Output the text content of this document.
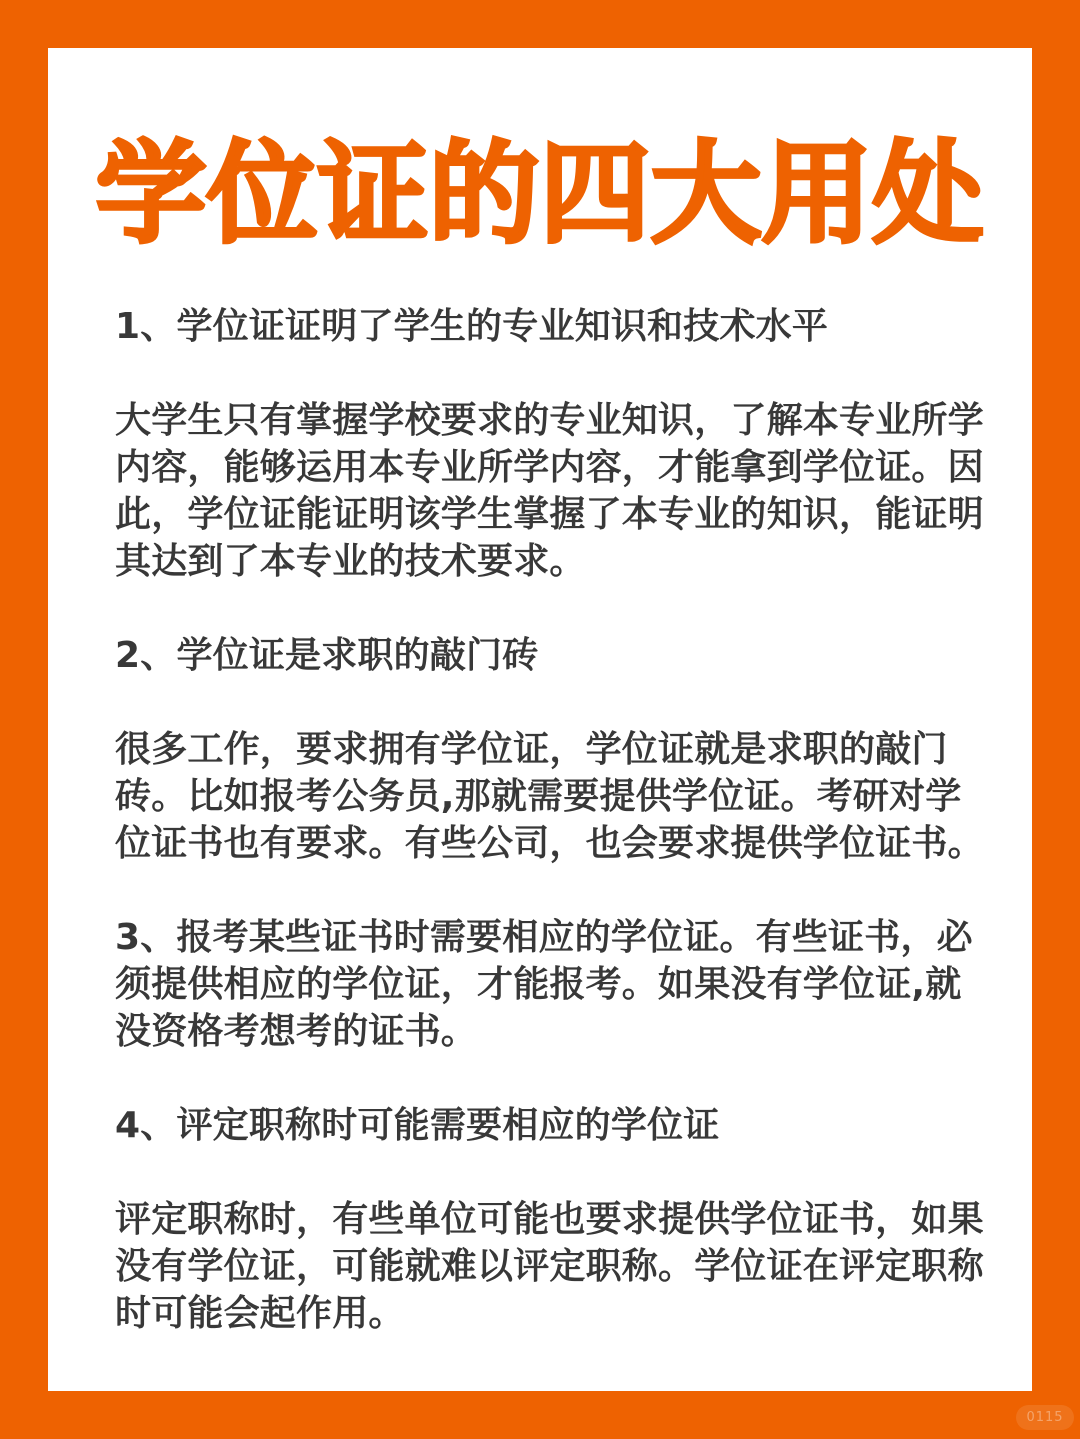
学位证的四大用处

1、学位证证明了学生的专业知识和技术水平

大学生只有掌握学校要求的专业知识，了解本专业所学内容，能够运用本专业所学内容，才能拿到学位证。因此，学位证能证明该学生掌握了本专业的知识，能证明其达到了本专业的技术要求。

2、学位证是求职的敲门砖

很多工作，要求拥有学位证，学位证就是求职的敲门砖。比如报考公务员,那就需要提供学位证。考研对学位证书也有要求。有些公司，也会要求提供学位证书。

3、报考某些证书时需要相应的学位证。有些证书，必须提供相应的学位证，才能报考。如果没有学位证,就没资格考想考的证书。

4、评定职称时可能需要相应的学位证

评定职称时，有些单位可能也要求提供学位证书，如果没有学位证，可能就难以评定职称。学位证在评定职称时可能会起作用。

0115
